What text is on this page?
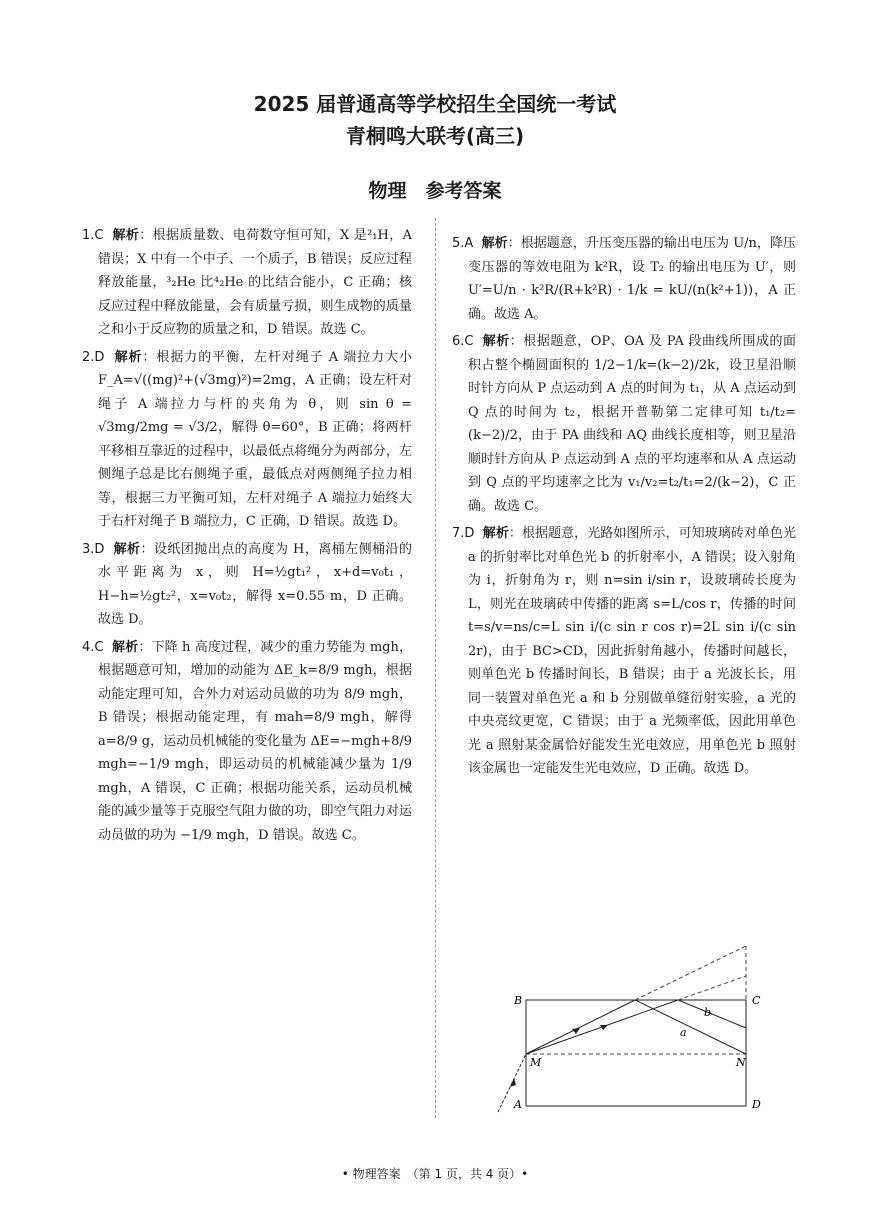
2025 届普通高等学校招生全国统一考试
青桐鸣大联考(高三)
物理　参考答案

1.C 解析：根据质量数、电荷数守恒可知，X 是²₁H，A 错误；X 中有一个中子、一个质子，B 错误；反应过程释放能量，³₂He 比⁴₂He 的比结合能小，C 正确；核反应过程中释放能量，会有质量亏损，则生成物的质量之和小于反应物的质量之和，D 错误。故选 C。

2.D 解析：根据力的平衡，左杆对绳子 A 端拉力大小 F_A=√((mg)²+(√3mg)²)=2mg，A 正确；设左杆对绳子 A 端拉力与杆的夹角为 θ，则 sin θ = √3mg/2mg = √3/2，解得 θ=60°，B 正确；将两杆平移相互靠近的过程中，以最低点将绳分为两部分，左侧绳子总是比右侧绳子重，最低点对两侧绳子拉力相等，根据三力平衡可知，左杆对绳子 A 端拉力始终大于右杆对绳子 B 端拉力，C 正确，D 错误。故选 D。

3.D 解析：设纸团抛出点的高度为 H，离桶左侧桶沿的水平距离为 x，则 H=½gt₁²，x+d=v₀t₁，H−h=½gt₂²，x=v₀t₂，解得 x=0.55 m，D 正确。故选 D。

4.C 解析：下降 h 高度过程，减少的重力势能为 mgh，根据题意可知，增加的动能为 ΔE_k=8/9 mgh，根据动能定理可知，合外力对运动员做的功为 8/9 mgh，B 错误；根据动能定理，有 mah=8/9 mgh，解得 a=8/9 g，运动员机械能的变化量为 ΔE=−mgh+8/9 mgh=−1/9 mgh，即运动员的机械能减少量为 1/9 mgh，A 错误，C 正确；根据功能关系，运动员机械能的减少量等于克服空气阻力做的功，即空气阻力对运动员做的功为 −1/9 mgh，D 错误。故选 C。

5.A 解析：根据题意，升压变压器的输出电压为 U/n，降压变压器的等效电阻为 k²R，设 T₂ 的输出电压为 U′，则 U′=U/n · k²R/(R+k²R) · 1/k = kU/(n(k²+1))，A 正确。故选 A。

6.C 解析：根据题意，OP、OA 及 PA 段曲线所围成的面积占整个椭圆面积的 1/2−1/k=(k−2)/2k，设卫星沿顺时针方向从 P 点运动到 A 点的时间为 t₁，从 A 点运动到 Q 点的时间为 t₂，根据开普勒第二定律可知 t₁/t₂=(k−2)/2，由于 PA 曲线和 AQ 曲线长度相等，则卫星沿顺时针方向从 P 点运动到 A 点的平均速率和从 A 点运动到 Q 点的平均速率之比为 v₁/v₂=t₂/t₁=2/(k−2)，C 正确。故选 C。

7.D 解析：根据题意，光路如图所示，可知玻璃砖对单色光 a 的折射率比对单色光 b 的折射率小，A 错误；设入射角为 i，折射角为 r，则 n=sin i/sin r，设玻璃砖长度为 L，则光在玻璃砖中传播的距离 s=L/cos r，传播的时间 t=s/v=ns/c=L sin i/(c sin r cos r)=2L sin i/(c sin 2r)，由于 BC>CD，因此折射角越小，传播时间越长，则单色光 b 传播时间长，B 错误；由于 a 光波长长，用同一装置对单色光 a 和 b 分别做单缝衍射实验，a 光的中央亮纹更宽，C 错误；由于 a 光频率低，因此用单色光 a 照射某金属恰好能发生光电效应，用单色光 b 照射该金属也一定能发生光电效应，D 正确。故选 D。

B	C
A	D
M	N
a
b
• 物理答案　（第 1 页，共 4 页）•
